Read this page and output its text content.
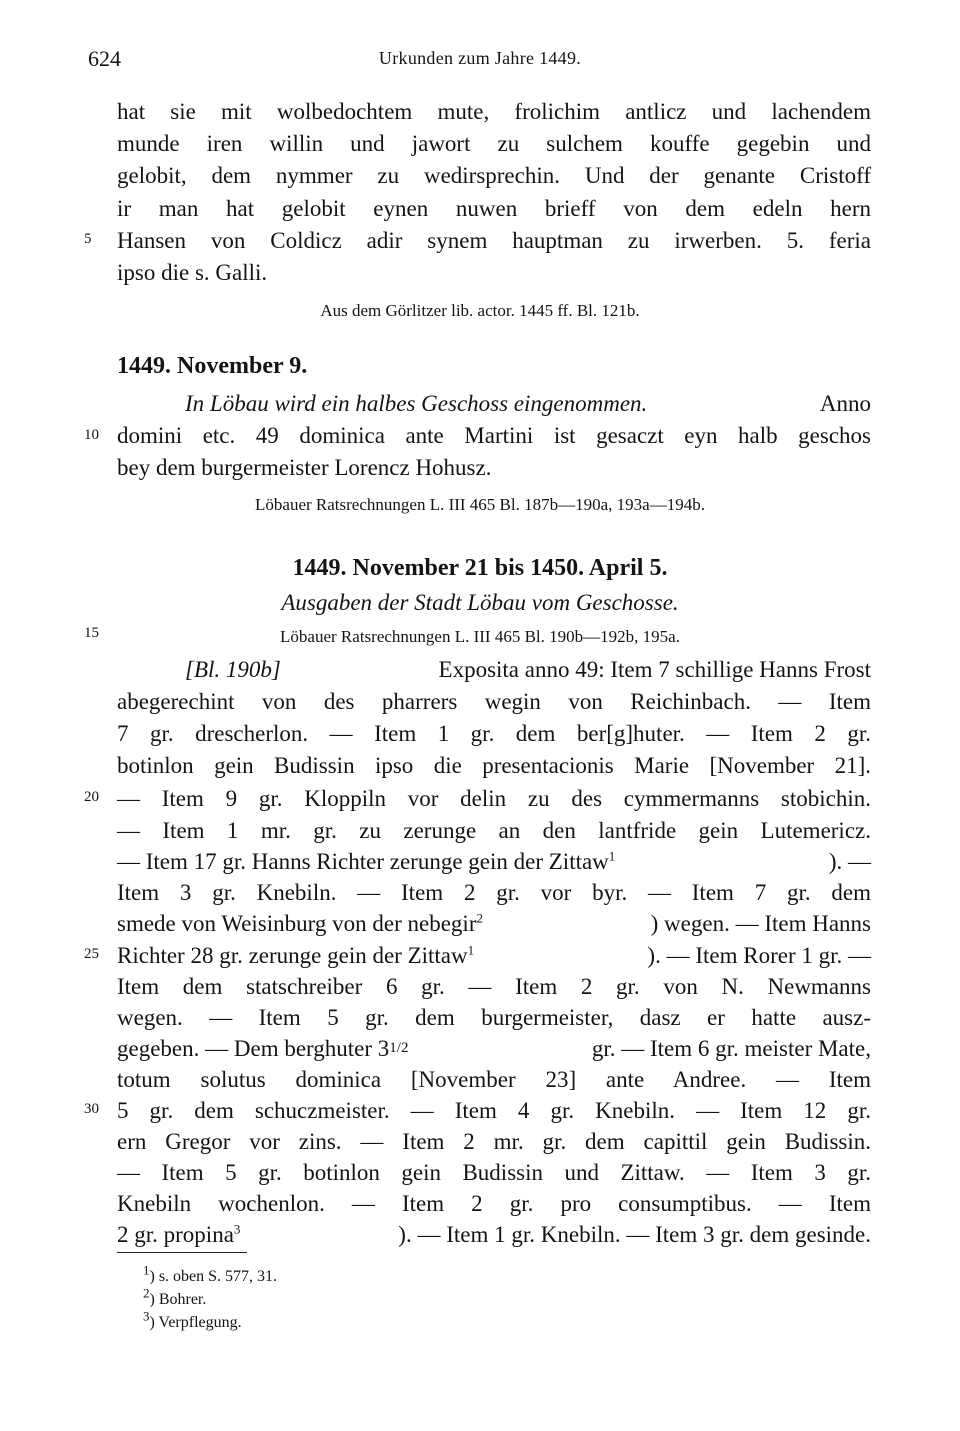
624	Urkunden zum Jahre 1449.
5
10
15
20
25
30
hat sie mit wolbedochtem mute, frolichim antlicz und lachendem
munde iren willin und jawort zu sulchem kouffe gegebin und
gelobit, dem nymmer zu wedirsprechin. Und der genante Cristoff
ir man hat gelobit eynen nuwen brieff von dem edeln hern
Hansen von Coldicz adir synem hauptman zu irwerben. 5. feria
ipso die s. Galli.
Aus dem Görlitzer lib. actor. 1445 ff. Bl. 121b.
1449. November 9.
In Löbau wird ein halbes Geschoss eingenommen.	Anno
domini etc. 49 dominica ante Martini ist gesaczt eyn halb geschos
bey dem burgermeister Lorencz Hohusz.
Löbauer Ratsrechnungen L. III 465 Bl. 187b—190a, 193a—194b.
1449. November 21 bis 1450. April 5.
Ausgaben der Stadt Löbau vom Geschosse.
Löbauer Ratsrechnungen L. III 465 Bl. 190b—192b, 195a.
[Bl. 190b]	Exposita anno 49: Item 7 schillige Hanns Frost
abegerechint von des pharrers wegin von Reichinbach. — Item
7 gr. drescherlon. — Item 1 gr. dem ber[g]huter. — Item 2 gr.
botinlon gein Budissin ipso die presentacionis Marie [November 21].
— Item 9 gr. Kloppiln vor delin zu des cymmermanns stobichin.
— Item 1 mr. gr. zu zerunge an den lantfride gein Lutemericz.
— Item 17 gr. Hanns Richter zerunge gein der Zittaw$^1$	). —
Item 3 gr. Knebiln. — Item 2 gr. vor byr. — Item 7 gr. dem
smede von Weisinburg von der nebegir$^2$	) wegen. — Item Hanns
Richter 28 gr. zerunge gein der Zittaw$^1$	). — Item Rorer 1 gr. —
Item dem statschreiber 6 gr. — Item 2 gr. von N. Newmanns
wegen. — Item 5 gr. dem burgermeister, dasz er hatte ausz-
gegeben. — Dem berghuter 31/2	gr. — Item 6 gr. meister Mate,
totum solutus dominica [November 23] ante Andree. — Item
5 gr. dem schuczmeister. — Item 4 gr. Knebiln. — Item 12 gr.
ern Gregor vor zins. — Item 2 mr. gr. dem capittil gein Budissin.
— Item 5 gr. botinlon gein Budissin und Zittaw. — Item 3 gr.
Knebiln wochenlon. — Item 2 gr. pro consumptibus. — Item
2 gr. propina$^3$	). — Item 1 gr. Knebiln. — Item 3 gr. dem gesinde.
$^1$) s. oben S. 577, 31.
$^2$) Bohrer.
$^3$) Verpflegung.
